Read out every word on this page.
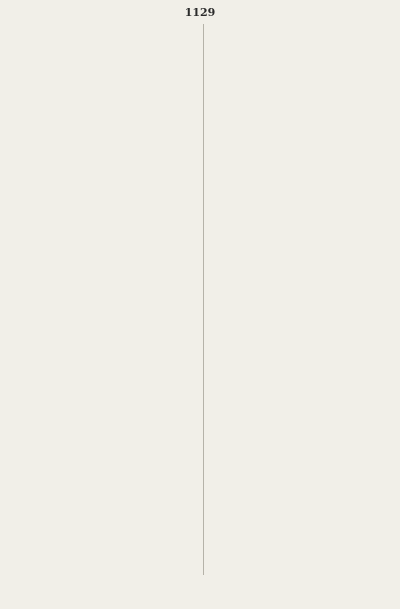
1129
